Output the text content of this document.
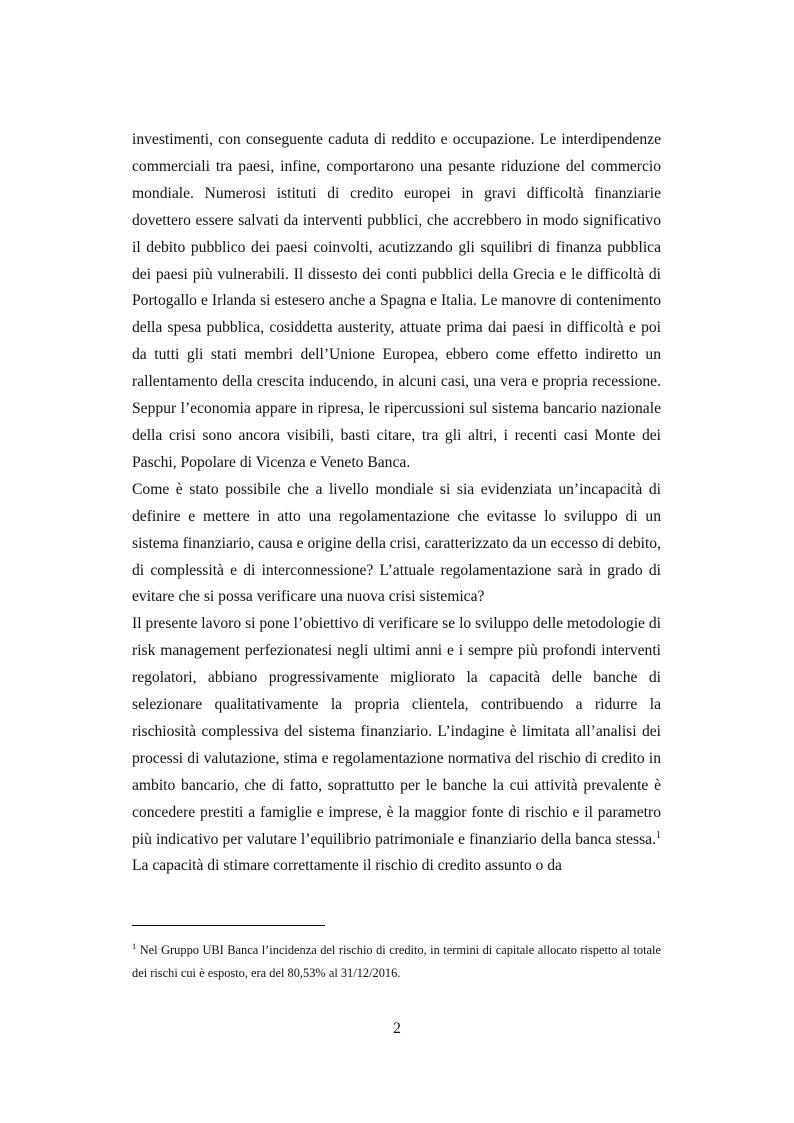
investimenti, con conseguente caduta di reddito e occupazione. Le interdipendenze commerciali tra paesi, infine, comportarono una pesante riduzione del commercio mondiale. Numerosi istituti di credito europei in gravi difficoltà finanziarie dovettero essere salvati da interventi pubblici, che accrebbero in modo significativo il debito pubblico dei paesi coinvolti, acutizzando gli squilibri di finanza pubblica dei paesi più vulnerabili. Il dissesto dei conti pubblici della Grecia e le difficoltà di Portogallo e Irlanda si estesero anche a Spagna e Italia. Le manovre di contenimento della spesa pubblica, cosiddetta austerity, attuate prima dai paesi in difficoltà e poi da tutti gli stati membri dell’Unione Europea, ebbero come effetto indiretto un rallentamento della crescita inducendo, in alcuni casi, una vera e propria recessione. Seppur l’economia appare in ripresa, le ripercussioni sul sistema bancario nazionale della crisi sono ancora visibili, basti citare, tra gli altri, i recenti casi Monte dei Paschi, Popolare di Vicenza e Veneto Banca.

Come è stato possibile che a livello mondiale si sia evidenziata un’incapacità di definire e mettere in atto una regolamentazione che evitasse lo sviluppo di un sistema finanziario, causa e origine della crisi, caratterizzato da un eccesso di debito, di complessità e di interconnessione? L’attuale regolamentazione sarà in grado di evitare che si possa verificare una nuova crisi sistemica?

Il presente lavoro si pone l’obiettivo di verificare se lo sviluppo delle metodologie di risk management perfezionatesi negli ultimi anni e i sempre più profondi interventi regolatori, abbiano progressivamente migliorato la capacità delle banche di selezionare qualitativamente la propria clientela, contribuendo a ridurre la rischiosità complessiva del sistema finanziario. L’indagine è limitata all’analisi dei processi di valutazione, stima e regolamentazione normativa del rischio di credito in ambito bancario, che di fatto, soprattutto per le banche la cui attività prevalente è concedere prestiti a famiglie e imprese, è la maggior fonte di rischio e il parametro più indicativo per valutare l’equilibrio patrimoniale e finanziario della banca stessa.$^1$ La capacità di stimare correttamente il rischio di credito assunto o da

$^1$ Nel Gruppo UBI Banca l’incidenza del rischio di credito, in termini di capitale allocato rispetto al totale dei rischi cui è esposto, era del 80,53% al 31/12/2016.
2
